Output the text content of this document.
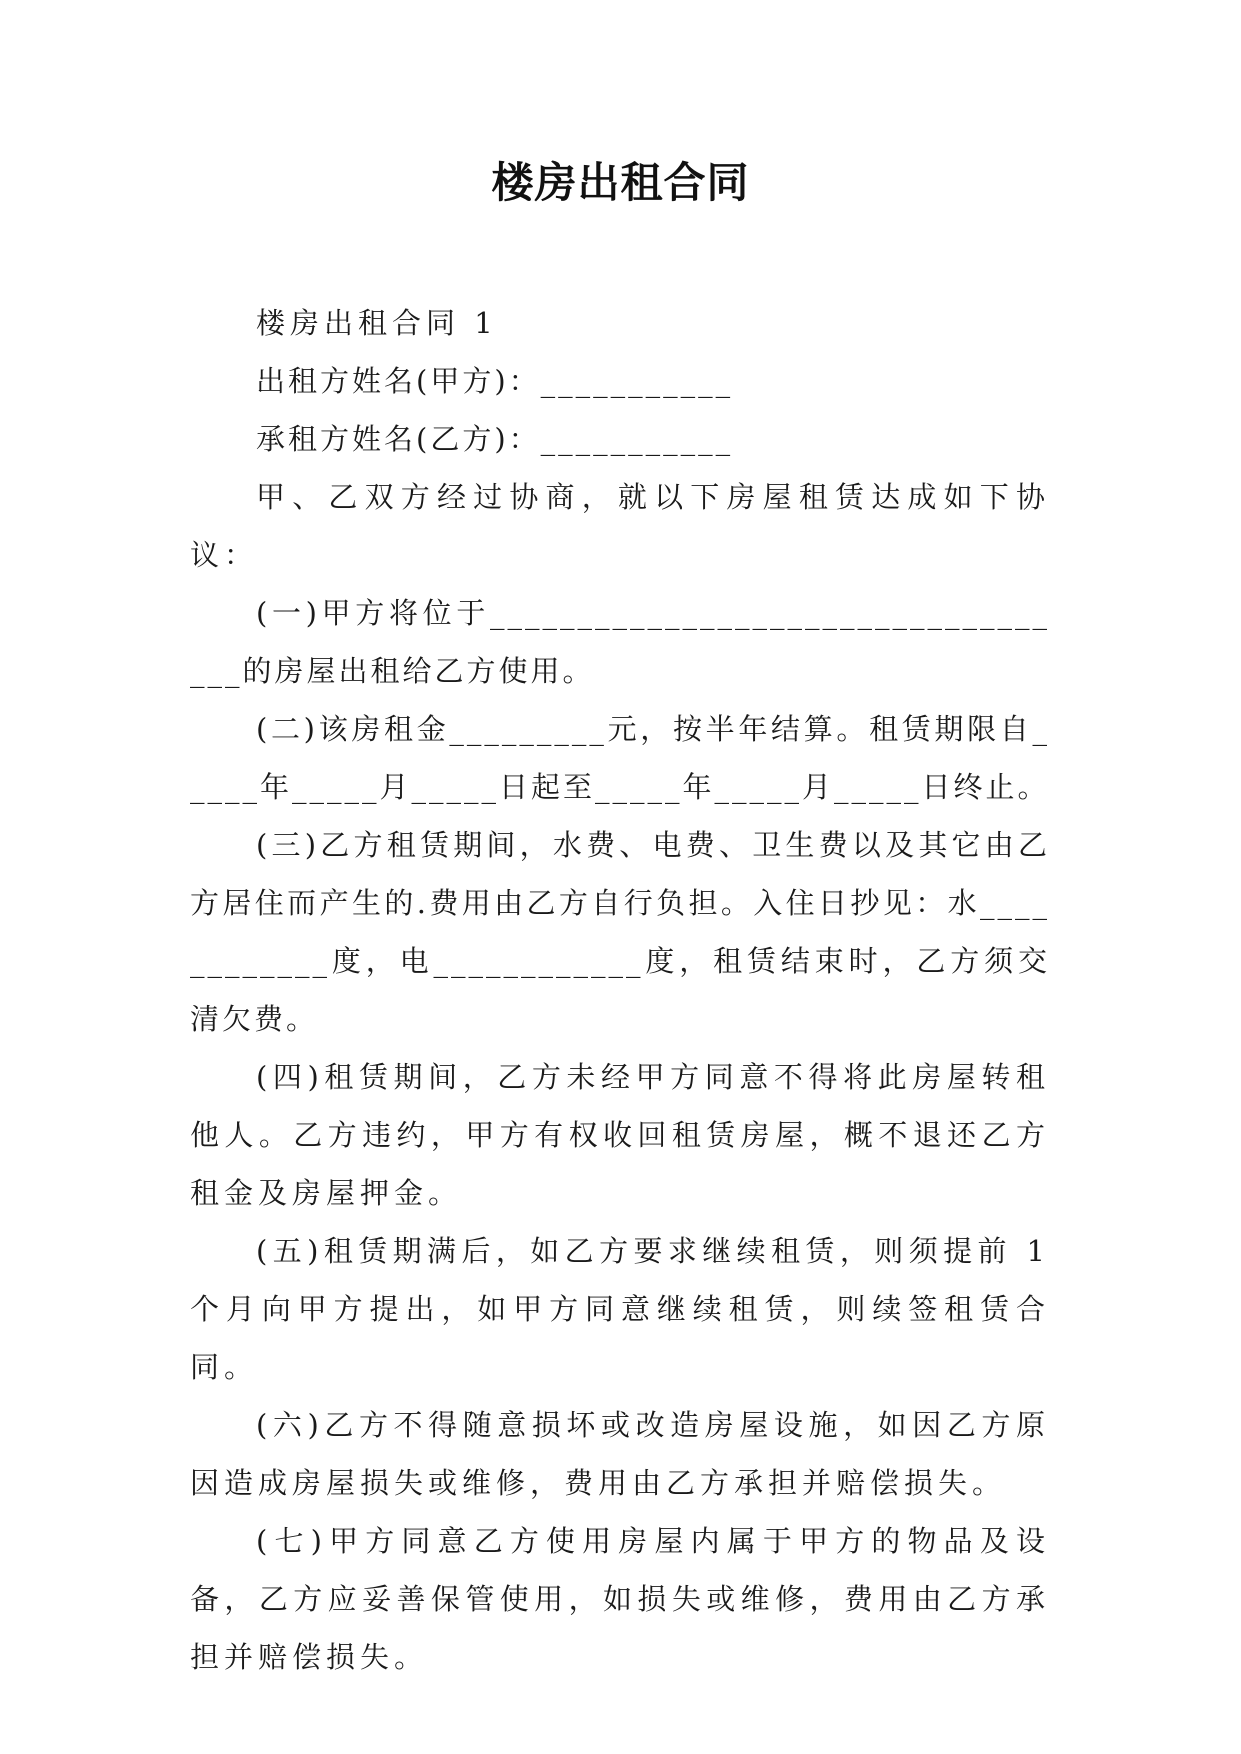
楼房出租合同

楼房出租合同 1

出租方姓名(甲方)：___________

承租方姓名(乙方)：___________

甲、乙双方经过协商，就以下房屋租赁达成如下协议：

(一)甲方将位于___________________________________的房屋出租给乙方使用。

(二)该房租金_________元，按半年结算。租赁期限自_____年_____月_____日起至_____年_____月_____日终止。

(三)乙方租赁期间，水费、电费、卫生费以及其它由乙方居住而产生的.费用由乙方自行负担。入住日抄见：水____________度，电____________度，租赁结束时，乙方须交清欠费。

(四)租赁期间，乙方未经甲方同意不得将此房屋转租他人。乙方违约，甲方有权收回租赁房屋，概不退还乙方租金及房屋押金。

(五)租赁期满后，如乙方要求继续租赁，则须提前 1 个月向甲方提出，如甲方同意继续租赁，则续签租赁合同。

(六)乙方不得随意损坏或改造房屋设施，如因乙方原因造成房屋损失或维修，费用由乙方承担并赔偿损失。

(七)甲方同意乙方使用房屋内属于甲方的物品及设备，乙方应妥善保管使用，如损失或维修，费用由乙方承担并赔偿损失。
